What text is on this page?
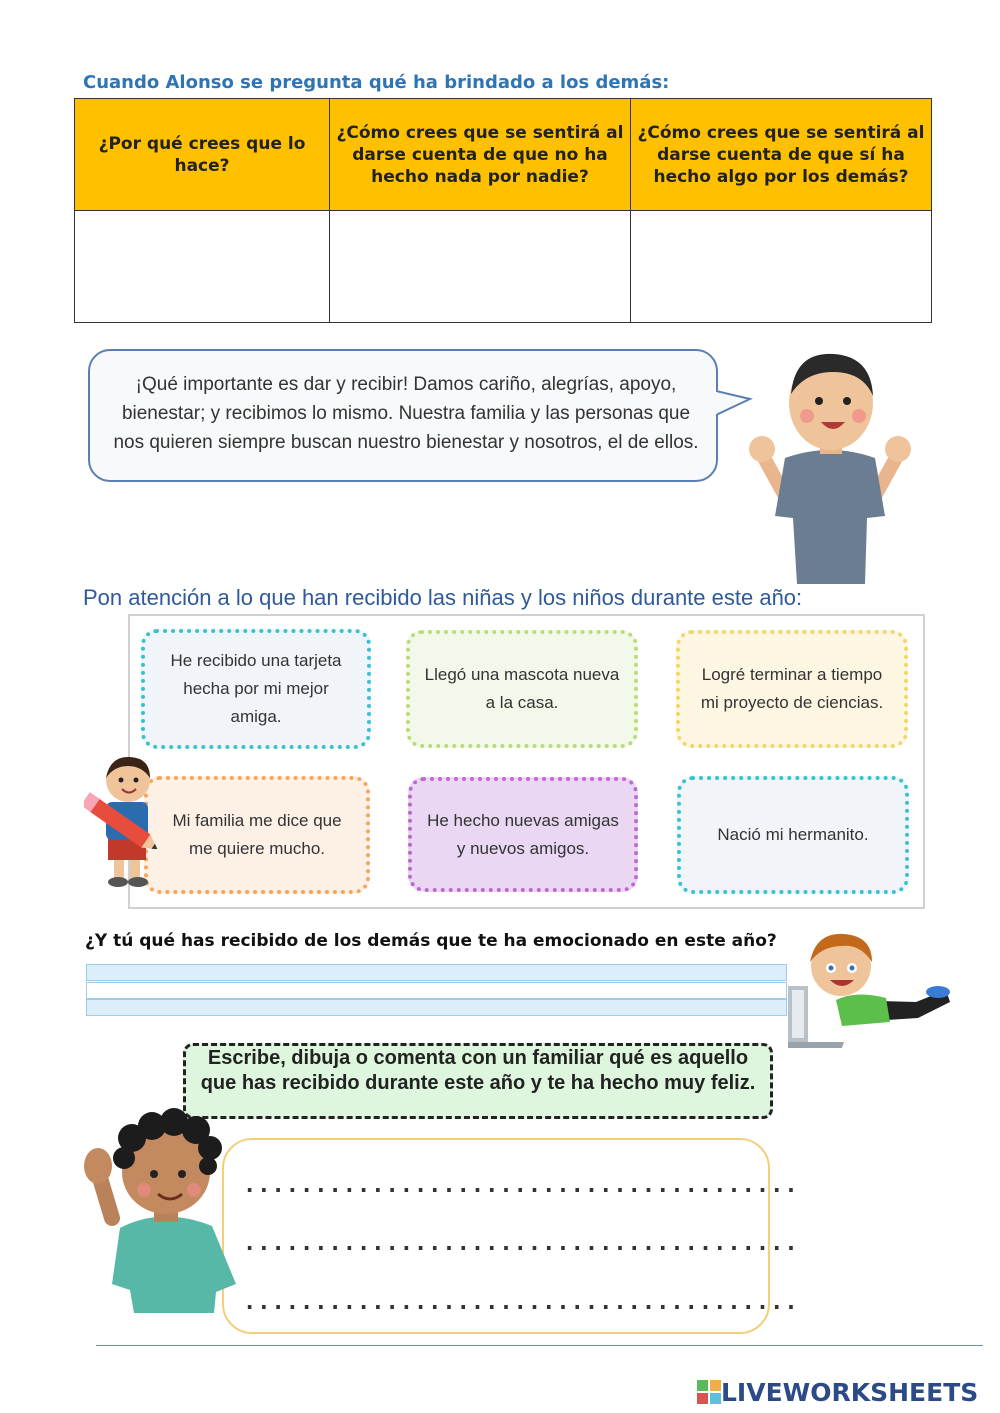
Cuando Alonso se pregunta qué ha brindado a los demás:
¿Por qué crees que lo hace?	¿Cómo crees que se sentirá al darse cuenta de que no ha hecho nada por nadie?	¿Cómo crees que se sentirá al darse cuenta de que sí ha hecho algo por los demás?

¡Qué importante es dar y recibir! Damos cariño, alegrías, apoyo,
bienestar; y recibimos lo mismo. Nuestra familia y las personas que
nos quieren siempre buscan nuestro bienestar y nosotros, el de ellos.
Pon atención a lo que han recibido las niñas y los niños durante este año:
He recibido una tarjeta hecha por mi mejor amiga.
Llegó una mascota nueva a la casa.
Logré terminar a tiempo mi proyecto de ciencias.
Mi familia me dice que me quiere mucho.
He hecho nuevas amigas y nuevos amigos.
Nació mi hermanito.
¿Y tú qué has recibido de los demás que te ha emocionado en este año?
Escribe, dibuja o comenta con un familiar qué es aquello que has recibido durante este año y te ha hecho muy feliz.
.......................................
.......................................
.......................................
LIVEWORKSHEETS
